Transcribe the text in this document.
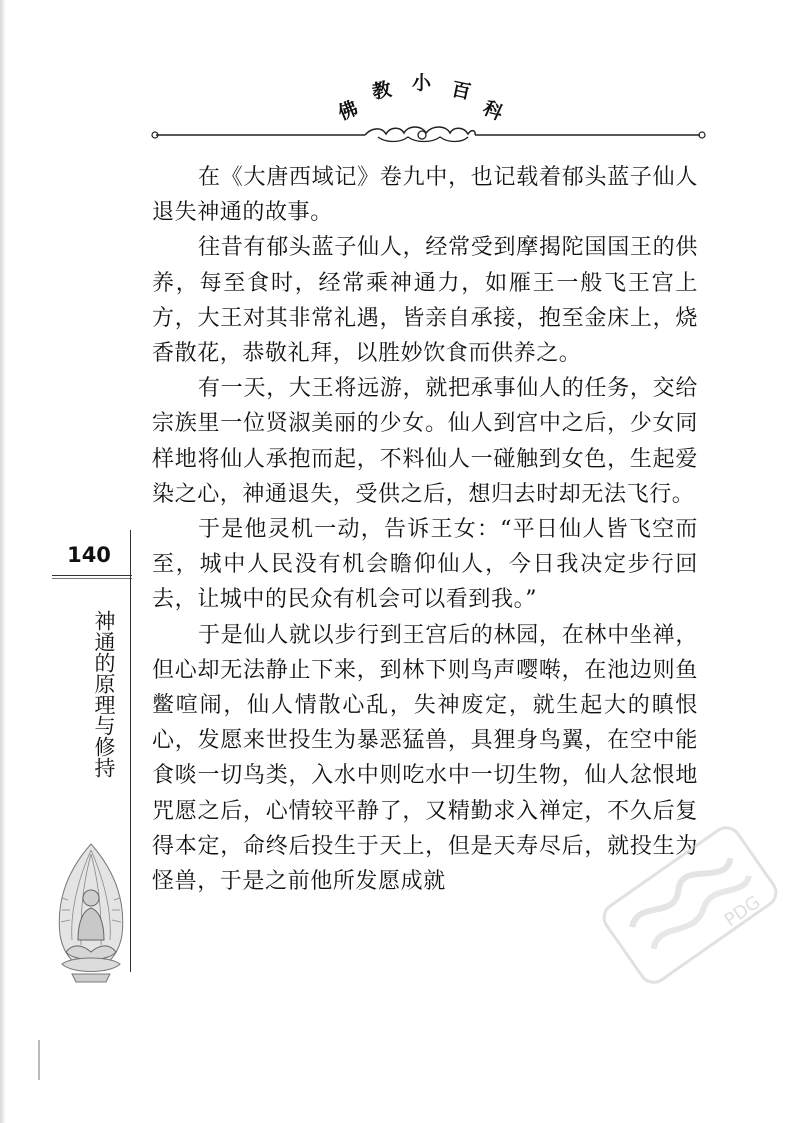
佛
教 小 百
科

在《大唐西域记》卷九中，也记载着郁头蓝子仙人退失神通的故事。

往昔有郁头蓝子仙人，经常受到摩揭陀国国王的供养，每至食时，经常乘神通力，如雁王一般飞王宫上方，大王对其非常礼遇，皆亲自承接，抱至金床上，烧香散花，恭敬礼拜，以胜妙饮食而供养之。

有一天，大王将远游，就把承事仙人的任务，交给宗族里一位贤淑美丽的少女。仙人到宫中之后，少女同样地将仙人承抱而起，不料仙人一碰触到女色，生起爱染之心，神通退失，受供之后，想归去时却无法飞行。

于是他灵机一动，告诉王女：“平日仙人皆飞空而至，城中人民没有机会瞻仰仙人，今日我决定步行回去，让城中的民众有机会可以看到我。”

于是仙人就以步行到王宫后的林园，在林中坐禅，但心却无法静止下来，到林下则鸟声嘤啭，在池边则鱼鳖喧闹，仙人情散心乱，失神废定，就生起大的瞋恨心，发愿来世投生为暴恶猛兽，具狸身鸟翼，在空中能食啖一切鸟类，入水中则吃水中一切生物，仙人忿恨地咒愿之后，心情较平静了，又精勤求入禅定，不久后复得本定，命终后投生于天上，但是天寿尽后，就投生为怪兽，于是之前他所发愿成就

140
神通的原理与修持
PDG
